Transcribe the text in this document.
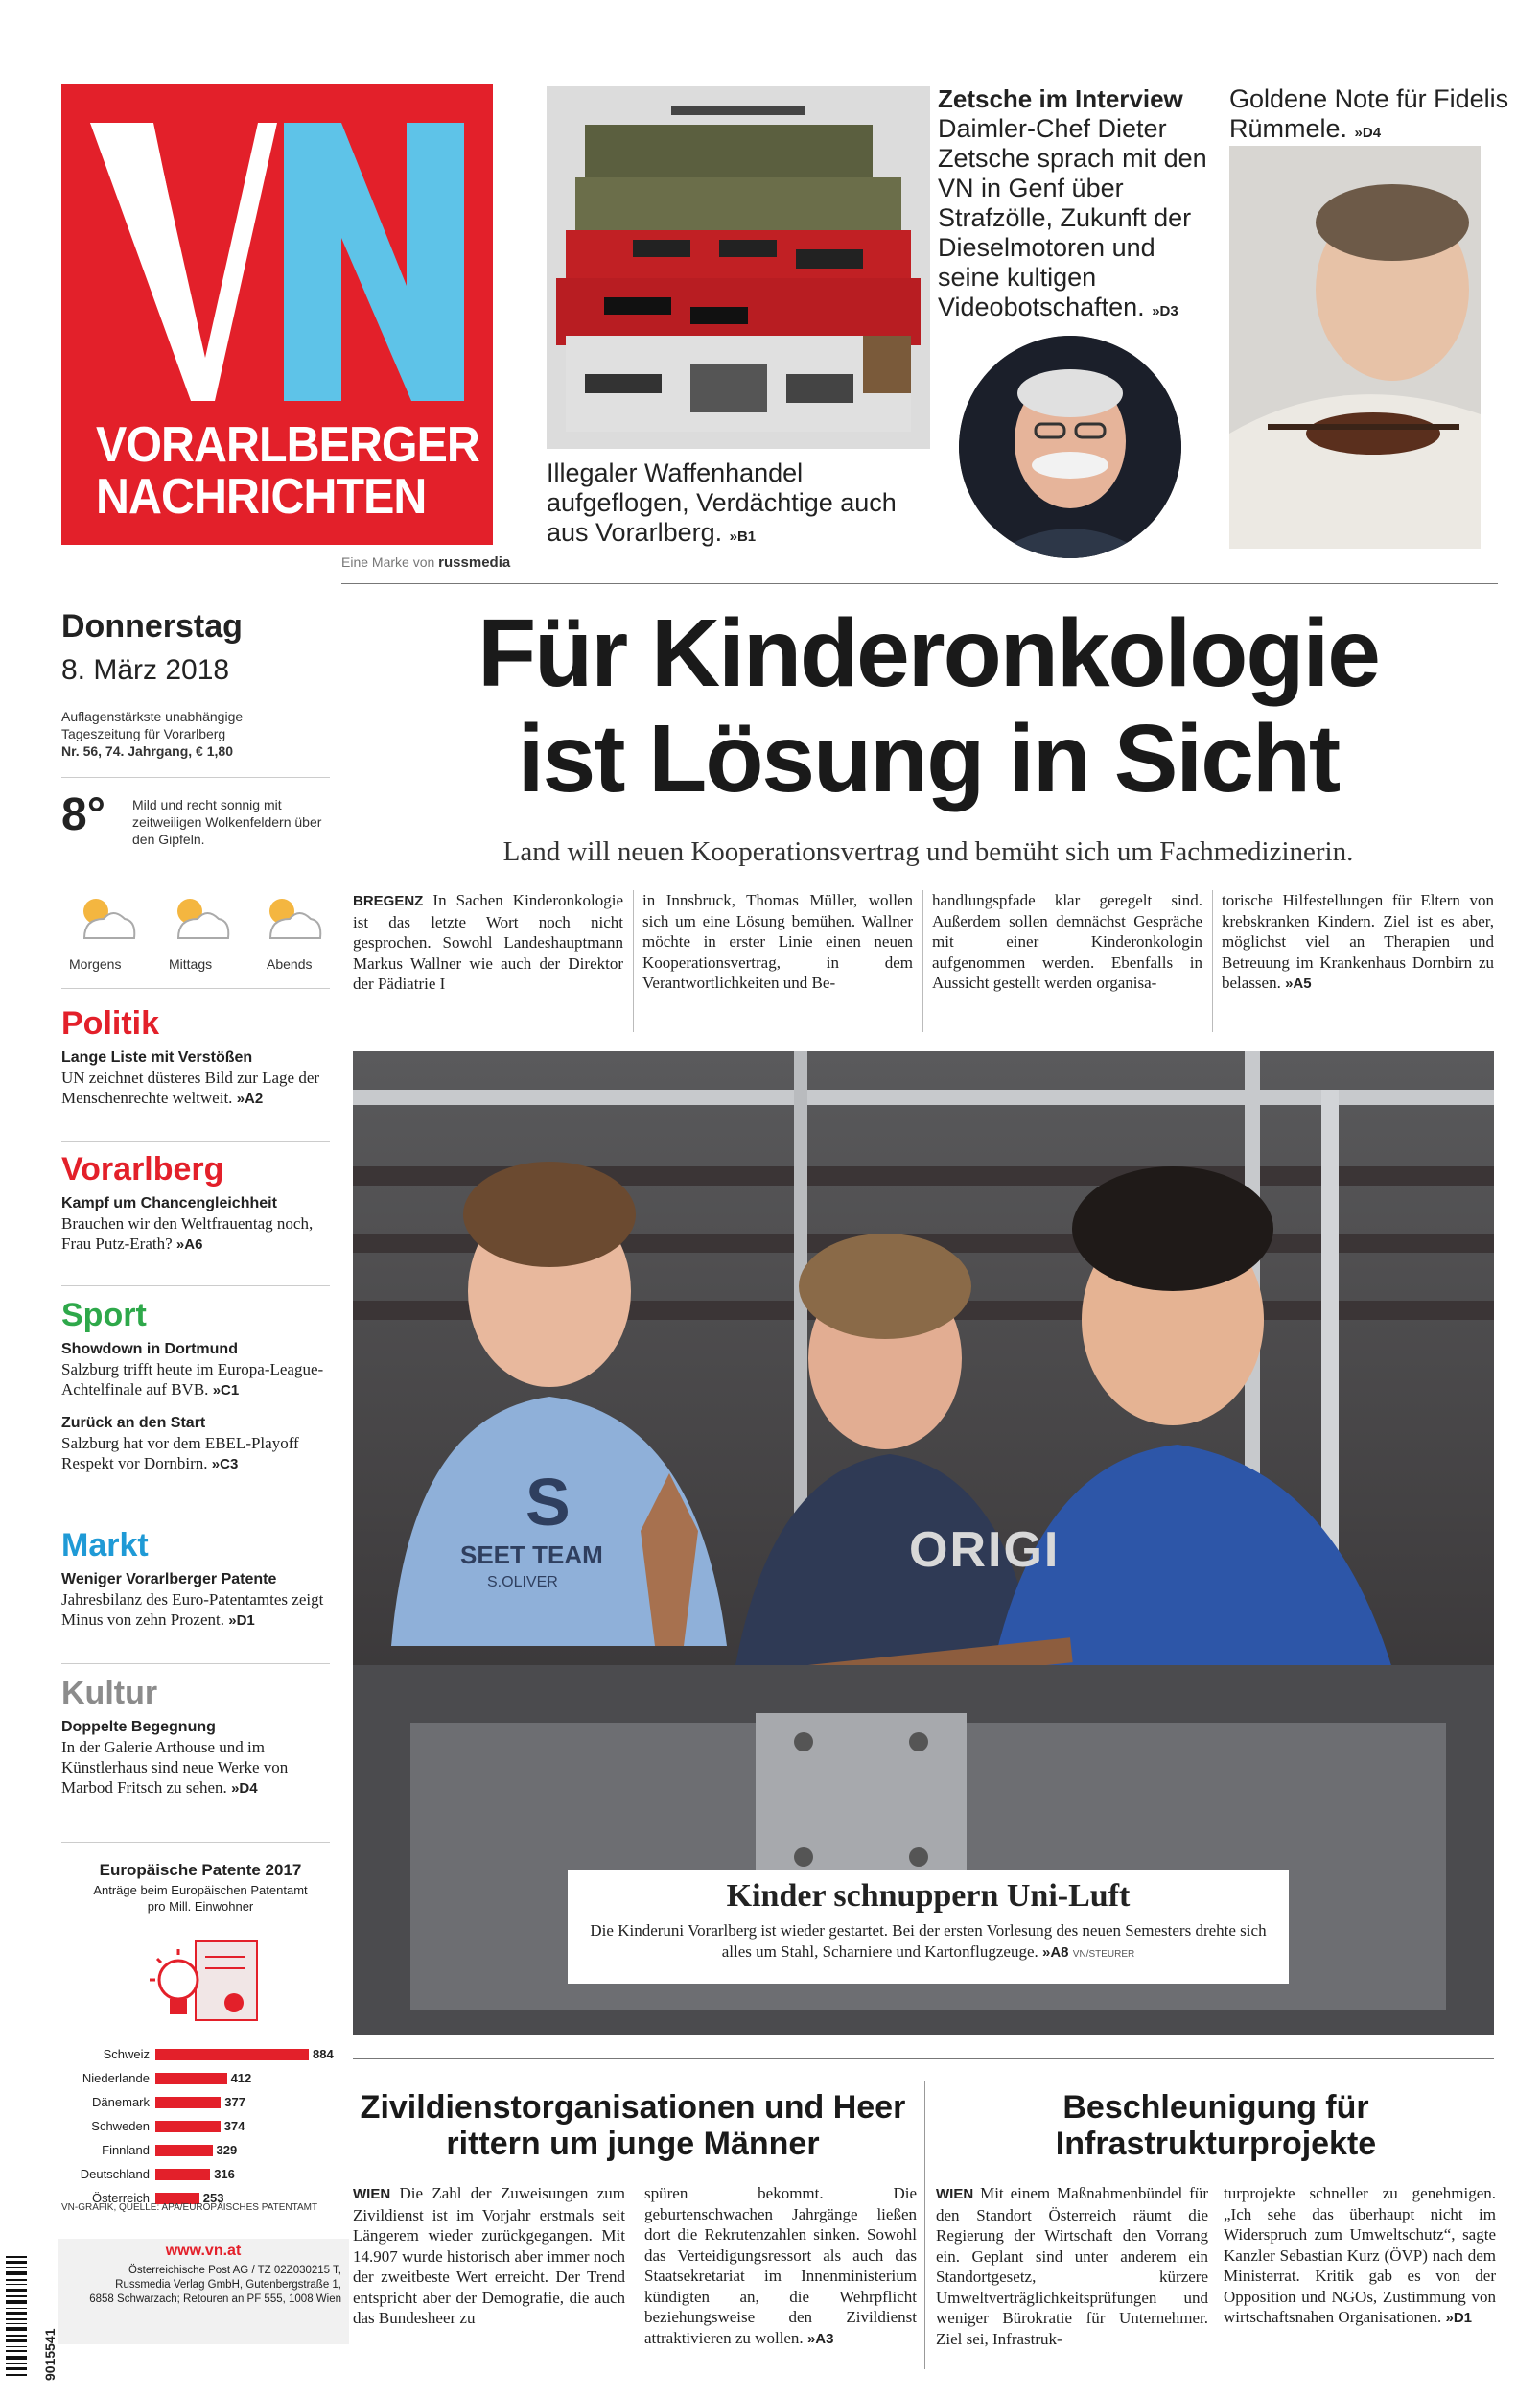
VORARLBERGER
NACHRICHTEN
Eine Marke von russmedia
Illegaler Waffenhandel aufgeflogen, Verdächtige auch aus Vorarlberg. »B1
Zetsche im Interview
Daimler-Chef Dieter Zetsche sprach mit den VN in Genf über Strafzölle, Zukunft der Dieselmotoren und seine kultigen Videobotschaften. »D3
Goldene Note für Fidelis Rümmele. »D4
Donnerstag
8. März 2018
Auflagenstärkste unabhängige
Tageszeitung für Vorarlberg
Nr. 56, 74. Jahrgang, € 1,80
8° Mild und recht sonnig mit zeitweiligen Wolkenfeldern über den Gipfeln.
Morgens	Mittags	Abends
Politik
Lange Liste mit Verstößen
UN zeichnet düsteres Bild zur Lage der Menschenrechte weltweit. »A2
Vorarlberg
Kampf um Chancengleichheit
Brauchen wir den Weltfrauentag noch, Frau Putz-Erath? »A6
Sport
Showdown in Dortmund
Salzburg trifft heute im Europa-League-Achtelfinale auf BVB. »C1
Zurück an den Start
Salzburg hat vor dem EBEL-Playoff Respekt vor Dornbirn. »C3
Markt
Weniger Vorarlberger Patente
Jahresbilanz des Euro-Patentamtes zeigt Minus von zehn Prozent. »D1
Kultur
Doppelte Begegnung
In der Galerie Arthouse und im Künstlerhaus sind neue Werke von Marbod Fritsch zu sehen. »D4
Europäische Patente 2017
Anträge beim Europäischen Patentamt pro Mill. Einwohner
Schweiz	884
Niederlande	412
Dänemark	377
Schweden	374
Finnland	329
Deutschland	316
Österreich	253
VN-GRAFIK, QUELLE: APA/EUROPÄISCHES PATENTAMT
www.vn.at
Österreichische Post AG / TZ 02Z030215 T,
Russmedia Verlag GmbH, Gutenbergstraße 1,
6858 Schwarzach; Retouren an PF 555, 1008 Wien
9015541
Für Kinderonkologie
ist Lösung in Sicht
Land will neuen Kooperationsvertrag und bemüht sich um Fachmedizinerin.
BREGENZ In Sachen Kinderonkologie ist das letzte Wort noch nicht gesprochen. Sowohl Landeshauptmann Markus Wallner wie auch der Direktor der Pädiatrie I
in Innsbruck, Thomas Müller, wollen sich um eine Lösung bemühen. Wallner möchte in erster Linie einen neuen Kooperationsvertrag, in dem Verantwortlichkeiten und Be-
handlungspfade klar geregelt sind. Außerdem sollen demnächst Gespräche mit einer Kinderonkologin aufgenommen werden. Ebenfalls in Aussicht gestellt werden organisa-
torische Hilfestellungen für Eltern von krebskranken Kindern. Ziel ist es aber, möglichst viel an Therapien und Betreuung im Krankenhaus Dornbirn zu belassen. »A5
S
SEET TEAM
S.OLIVER
ORIGI
Kinder schnuppern Uni-Luft
Die Kinderuni Vorarlberg ist wieder gestartet. Bei der ersten Vorlesung des neuen Semesters drehte sich alles um Stahl, Scharniere und Kartonflugzeuge. »A8 VN/STEURER
Zivildienstorganisationen und Heer
rittern um junge Männer
WIEN Die Zahl der Zuweisungen zum Zivildienst ist im Vorjahr erstmals seit Längerem wieder zurückgegangen. Mit 14.907 wurde historisch aber immer noch der zweitbeste Wert erreicht. Der Trend entspricht aber der Demografie, die auch das Bundesheer zu
spüren bekommt. Die geburtenschwachen Jahrgänge ließen dort die Rekrutenzahlen sinken. Sowohl das Verteidigungsressort als auch das Staatsekretariat im Innenministerium kündigten an, die Wehrpflicht beziehungsweise den Zivildienst attraktivieren zu wollen. »A3
Beschleunigung für
Infrastrukturprojekte
WIEN Mit einem Maßnahmenbündel für den Standort Österreich räumt die Regierung der Wirtschaft den Vorrang ein. Geplant sind unter anderem ein Standortgesetz, kürzere Umweltverträglichkeitsprüfungen und weniger Bürokratie für Unternehmer. Ziel sei, Infrastruk-
turprojekte schneller zu genehmigen. „Ich sehe das überhaupt nicht im Widerspruch zum Umweltschutz“, sagte Kanzler Sebastian Kurz (ÖVP) nach dem Ministerrat. Kritik gab es von der Opposition und NGOs, Zustimmung von wirtschaftsnahen Organisationen. »D1
